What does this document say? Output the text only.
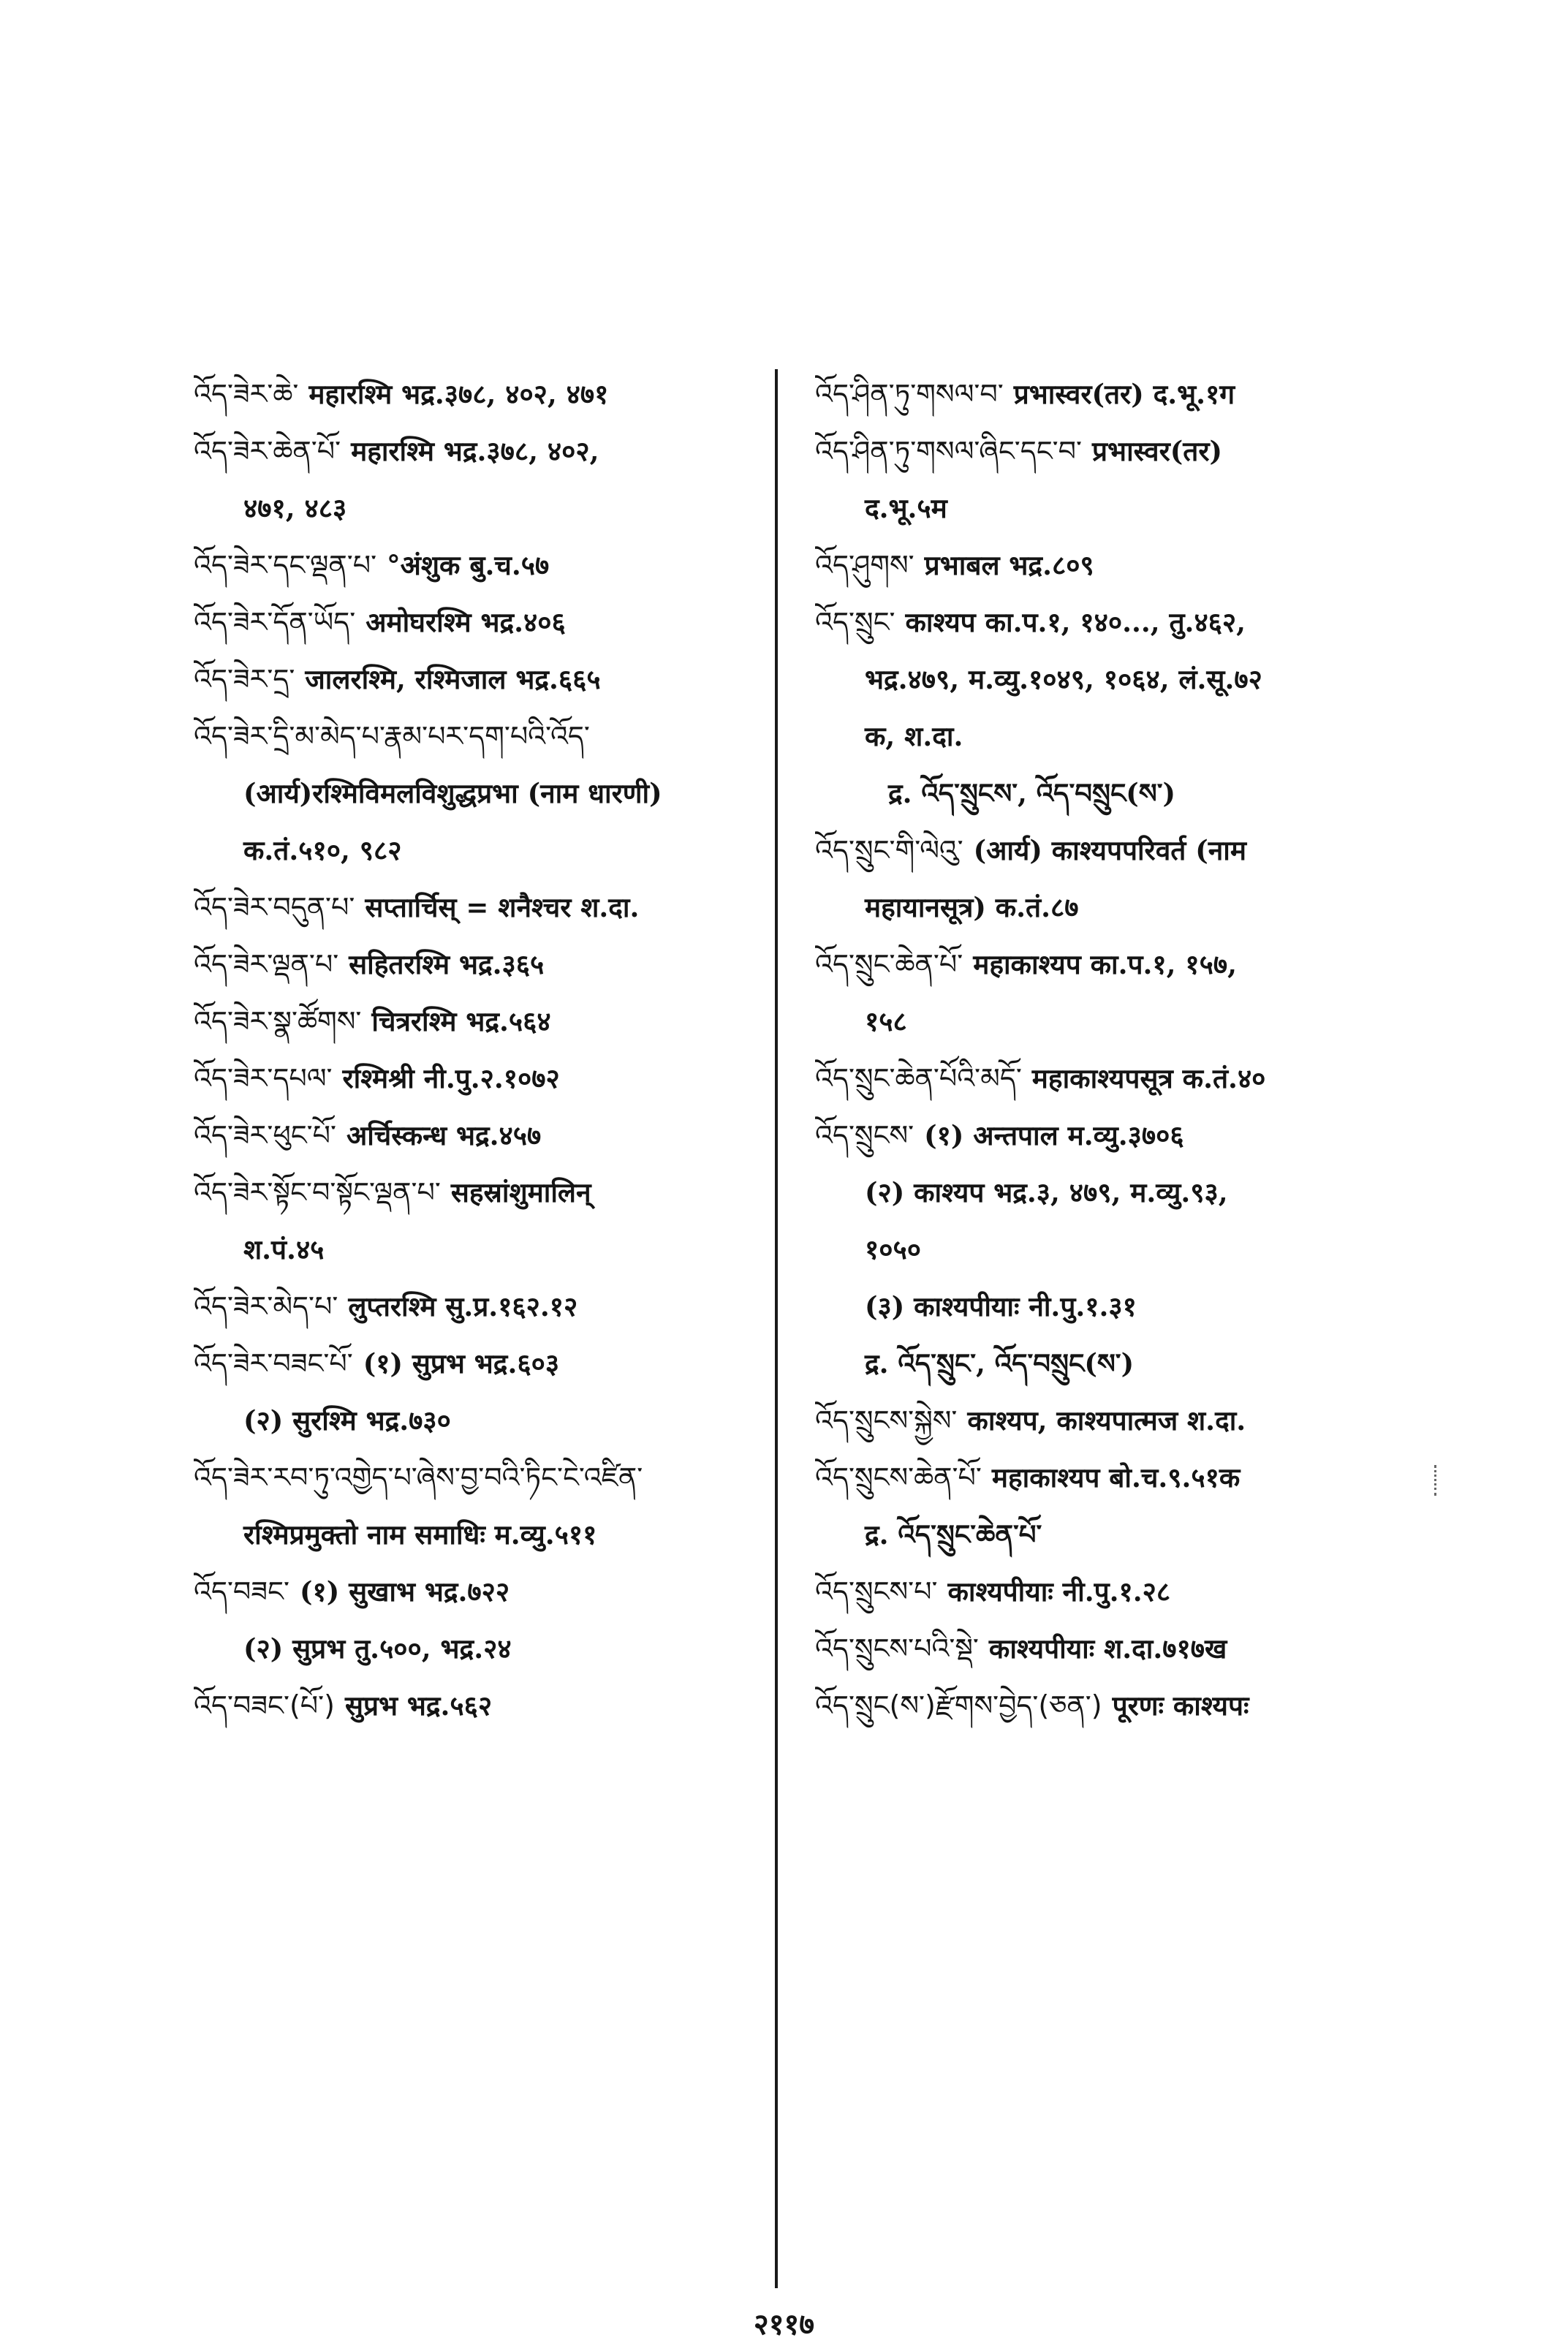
འོད་ཟེར་ཆེ་ महारश्मि भद्र.३७८, ४०२, ४७१
འོད་ཟེར་ཆེན་པོ་ महारश्मि भद्र.३७८, ४०२,
४७१, ४८३
འོད་ཟེར་དང་ལྡན་པ་ °अंशुक बु.च.५७
འོད་ཟེར་དོན་ཡོད་ अमोघरश्मि भद्र.४०६
འོད་ཟེར་དྲ་ जालरश्मि, रश्मिजाल भद्र.६६५
འོད་ཟེར་དྲི་མ་མེད་པ་རྣམ་པར་དག་པའི་འོད་
(आर्य)रश्मिविमलविशुद्धप्रभा (नाम धारणी)
क.तं.५१०, ९८२
འོད་ཟེར་བདུན་པ་ सप्तार्चिस् = शनैश्चर श.दा.
འོད་ཟེར་ལྡན་པ་ सहितरश्मि भद्र.३६५
འོད་ཟེར་སྣ་ཚོགས་ चित्ररश्मि भद्र.५६४
འོད་ཟེར་དཔལ་ रश्मिश्री नी.पु.२.१०७२
འོད་ཟེར་ཕུང་པོ་ अर्चिस्कन्ध भद्र.४५७
འོད་ཟེར་སྟོང་བ་སྟོང་ལྡན་པ་ सहस्रांशुमालिन्
श.पं.४५
འོད་ཟེར་མེད་པ་ लुप्तरश्मि सु.प्र.१६२.१२
འོད་ཟེར་བཟང་པོ་ (१) सुप्रभ भद्र.६०३
(२) सुरश्मि भद्र.७३०
འོད་ཟེར་རབ་ཏུ་འགྱེད་པ་ཞེས་བྱ་བའི་ཏིང་ངེ་འཛིན་
रश्मिप्रमुक्तो नाम समाधिः म.व्यु.५११
འོད་བཟང་ (१) सुखाभ भद्र.७२२
(२) सुप्रभ तु.५००, भद्र.२४
འོད་བཟང་(པོ་) सुप्रभ भद्र.५६२
འོད་ཤིན་ཏུ་གསལ་བ་ प्रभास्वर(तर) द.भू.१ग
འོད་ཤིན་ཏུ་གསལ་ཞིང་དང་བ་ प्रभास्वर(तर)
द.भू.५म
འོད་ཤུགས་ प्रभाबल भद्र.८०९
འོད་སྲུང་ काश्यप का.प.१, १४०..., तु.४६२,
भद्र.४७९, म.व्यु.१०४९, १०६४, लं.सू.७२
क, श.दा.
द्र. འོད་སྲུངས་, འོད་བསྲུང(ས་)
འོད་སྲུང་གི་ལེའུ་ (आर्य) काश्यपपरिवर्त (नाम
महायानसूत्र) क.तं.८७
འོད་སྲུང་ཆེན་པོ་ महाकाश्यप का.प.१, १५७,
१५८
འོད་སྲུང་ཆེན་པོའི་མདོ་ महाकाश्यपसूत्र क.तं.४०
འོད་སྲུངས་ (१) अन्तपाल म.व्यु.३७०६
(२) काश्यप भद्र.३, ४७९, म.व्यु.९३,
१०५०
(३) काश्यपीयाः नी.पु.१.३१
द्र. འོད་སྲུང་, འོད་བསྲུང(ས་)
འོད་སྲུངས་སྐྱེས་ काश्यप, काश्यपात्मज श.दा.
འོད་སྲུངས་ཆེན་པོ་ महाकाश्यप बो.च.९.५१क
द्र. འོད་སྲུང་ཆེན་པོ་
འོད་སྲུངས་པ་ काश्यपीयाः नी.पु.१.२८
འོད་སྲུངས་པའི་སྡེ་ काश्यपीयाः श.दा.७१७ख
འོད་སྲུང(ས་)རྫོགས་བྱེད་(ཅན་) पूरणः काश्यपः
२११७
